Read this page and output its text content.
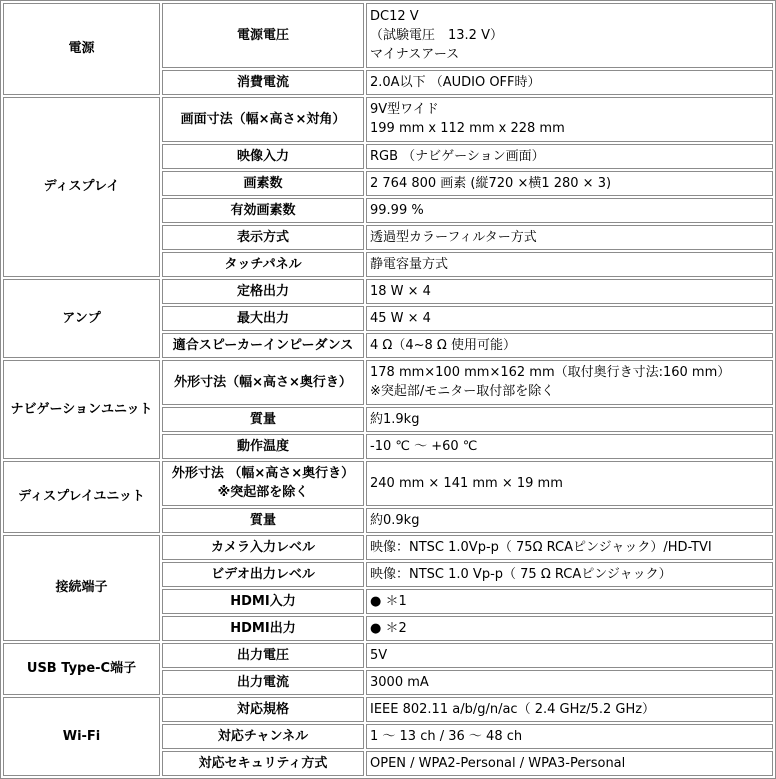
電源	電源電圧	DC12 V
（試験電圧　13.2 V）
マイナスアース

	消費電流	2.0A以下 （AUDIO OFF時）

ディスプレイ	画面寸法（幅×高さ×対角）	9V型ワイド
199 mm x 112 mm x 228 mm

	映像入力	RGB （ナビゲーション画面）

	画素数	2 764 800 画素 (縦720 ×横1 280 × 3)

	有効画素数	99.99 %

	表示方式	透過型カラーフィルター方式

	タッチパネル	静電容量方式

アンプ	定格出力	18 W × 4

	最大出力	45 W × 4

	適合スピーカーインピーダンス	4 Ω（4~8 Ω 使用可能）

ナビゲーションユニット	外形寸法（幅×高さ×奥行き）	178 mm×100 mm×162 mm（取付奥行き寸法:160 mm）
※突起部/モニター取付部を除く

	質量	約1.9kg

	動作温度	-10 ℃ ～ +60 ℃

ディスプレイユニット	外形寸法 （幅×高さ×奥行き）
※突起部を除く	240 mm × 141 mm × 19 mm

	質量	約0.9kg

接続端子	カメラ入力レベル	映像：NTSC 1.0Vp-p（ 75Ω RCAピンジャック）/HD-TVI

	ビデオ出力レベル	映像：NTSC 1.0 Vp-p（ 75 Ω RCAピンジャック）

	HDMI入力	● ＊1

	HDMI出力	● ＊2

USB Type-C端子	出力電圧	5V

	出力電流	3000 mA

Wi-Fi	対応規格	IEEE 802.11 a/b/g/n/ac（ 2.4 GHz/5.2 GHz）

	対応チャンネル	1 ～ 13 ch / 36 ～ 48 ch

	対応セキュリティ方式	OPEN / WPA2-Personal / WPA3-Personal
